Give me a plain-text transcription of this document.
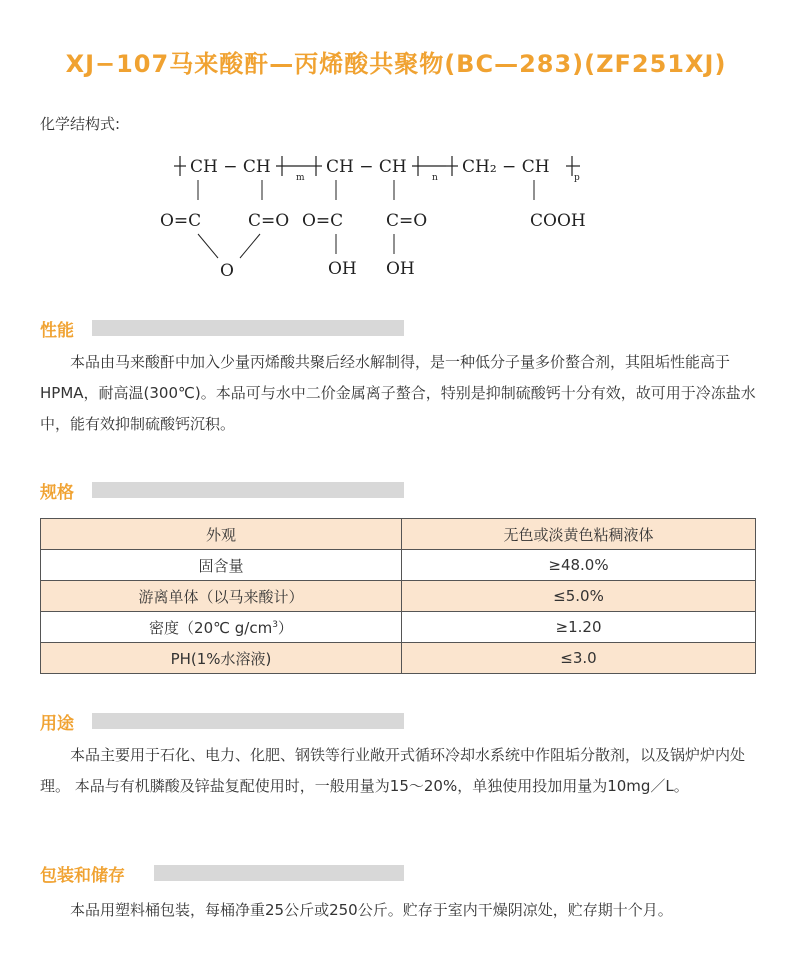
XJ−107马来酸酐—丙烯酸共聚物(BC—283)(ZF251XJ)
化学结构式:
CH − CH
m
CH − CH
n
CH₂ − CH
p
O=C	C=O O=C	C=O	COOH
O	OH OH
性能

本品由马来酸酐中加入少量丙烯酸共聚后经水解制得，是一种低分子量多价螯合剂，其阻垢性能高于HPMA，耐高温(300℃)。本品可与水中二价金属离子螯合，特别是抑制硫酸钙十分有效，故可用于冷冻盐水中，能有效抑制硫酸钙沉积。

规格
外观	无色或淡黄色粘稠液体
固含量	≥48.0%
游离单体（以马来酸计）	≤5.0%
密度（20℃ $g/cm^3$）	≥1.20
PH(1%水溶液)	≤3.0
用途

本品主要用于石化、电力、化肥、钢铁等行业敞开式循环冷却水系统中作阻垢分散剂，以及锅炉炉内处理。 本品与有机膦酸及锌盐复配使用时，一般用量为15～20%，单独使用投加用量为10mg／L。

包装和储存

本品用塑料桶包装，每桶净重25公斤或250公斤。贮存于室内干燥阴凉处，贮存期十个月。
